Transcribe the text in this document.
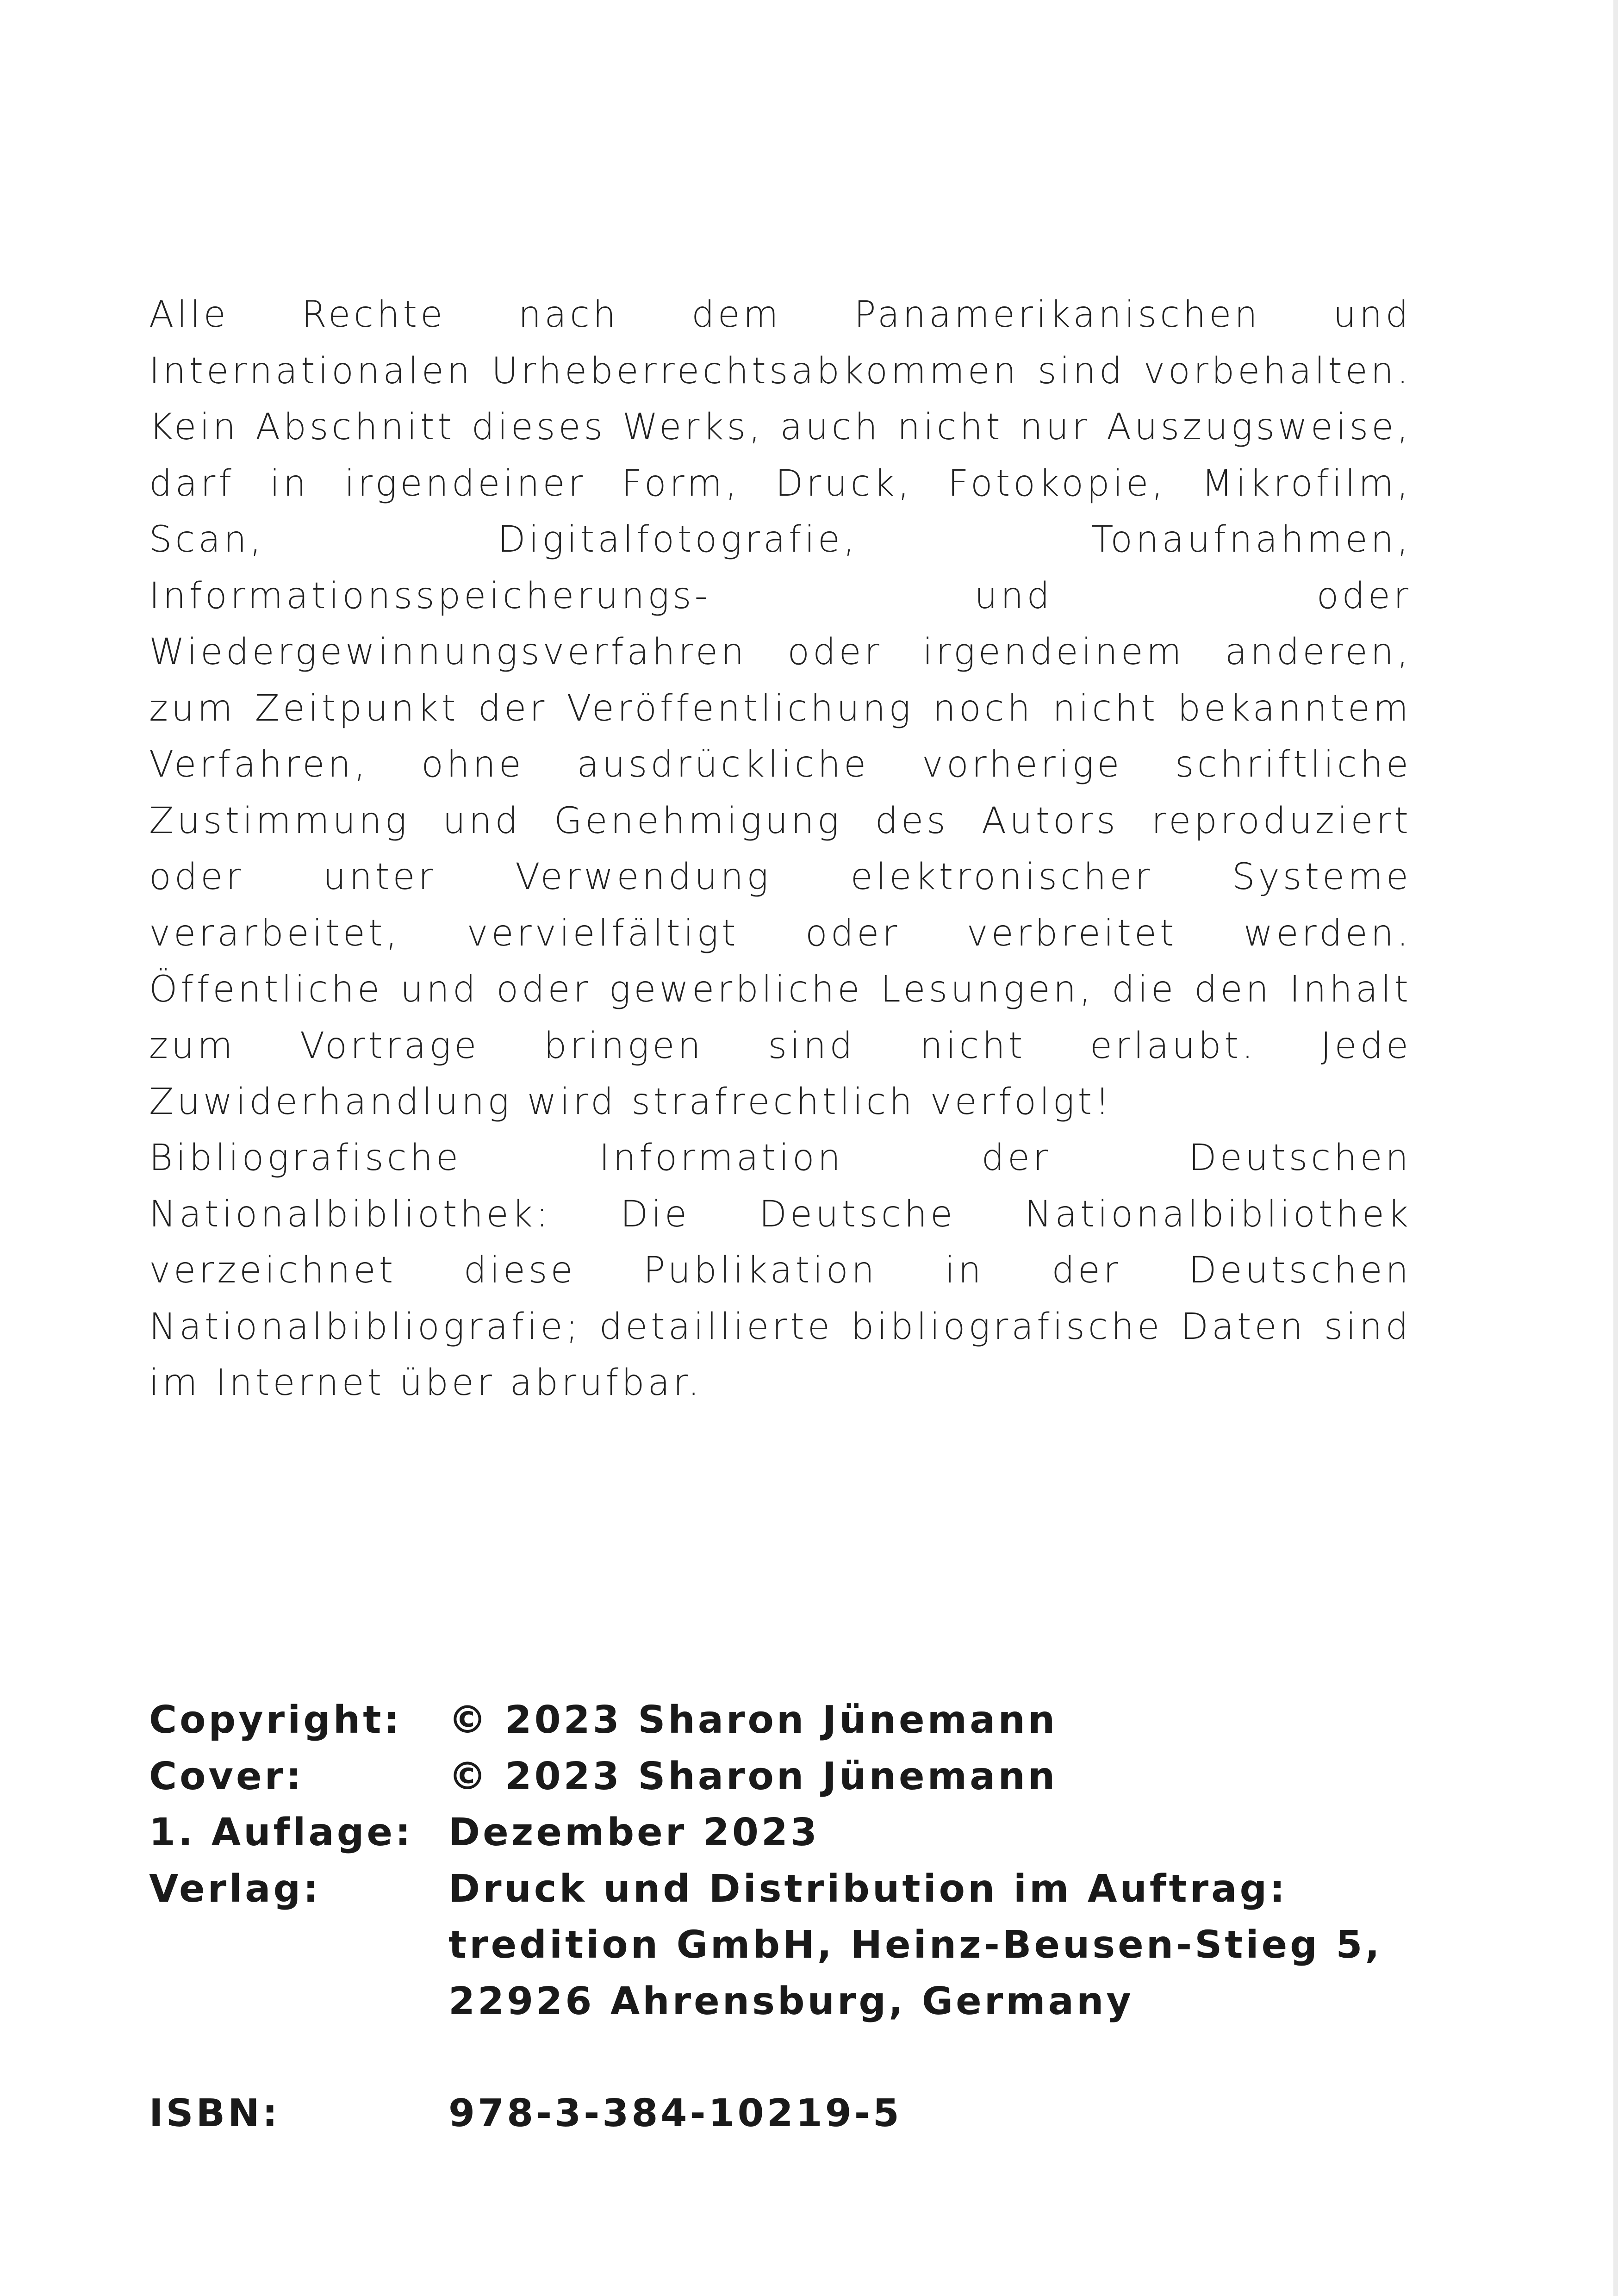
Alle Rechte nach dem Panamerikanischen und Internationalen Urheberrechtsabkommen sind vorbehalten. Kein Abschnitt dieses Werks, auch nicht nur Auszugsweise, darf in irgendeiner Form, Druck, Fotokopie, Mikrofilm, Scan, Digitalfotografie, Tonaufnahmen, Informationsspeicherungs- und oder Wiedergewinnungsverfahren oder irgendeinem anderen, zum Zeitpunkt der Veröffentlichung noch nicht bekanntem Verfahren, ohne ausdrückliche vorherige schriftliche Zustimmung und Genehmigung des Autors reproduziert oder unter Verwendung elektronischer Systeme verarbeitet, vervielfältigt oder verbreitet werden. Öffentliche und oder gewerbliche Lesungen, die den Inhalt zum Vortrage bringen sind nicht erlaubt. Jede Zuwiderhandlung wird strafrechtlich verfolgt!

Bibliografische Information der Deutschen Nationalbibliothek: Die Deutsche Nationalbibliothek verzeichnet diese Publikation in der Deutschen Nationalbibliografie; detaillierte bibliografische Daten sind im Internet über abrufbar.

Copyright:	© 2023 Sharon Jünemann
Cover:	© 2023 Sharon Jünemann
1. Auflage: Dezember 2023
Verlag:	Druck und Distribution im Auftrag: tredition GmbH, Heinz-Beusen-Stieg 5, 22926 Ahrensburg, Germany
ISBN:	978-3-384-10219-5
